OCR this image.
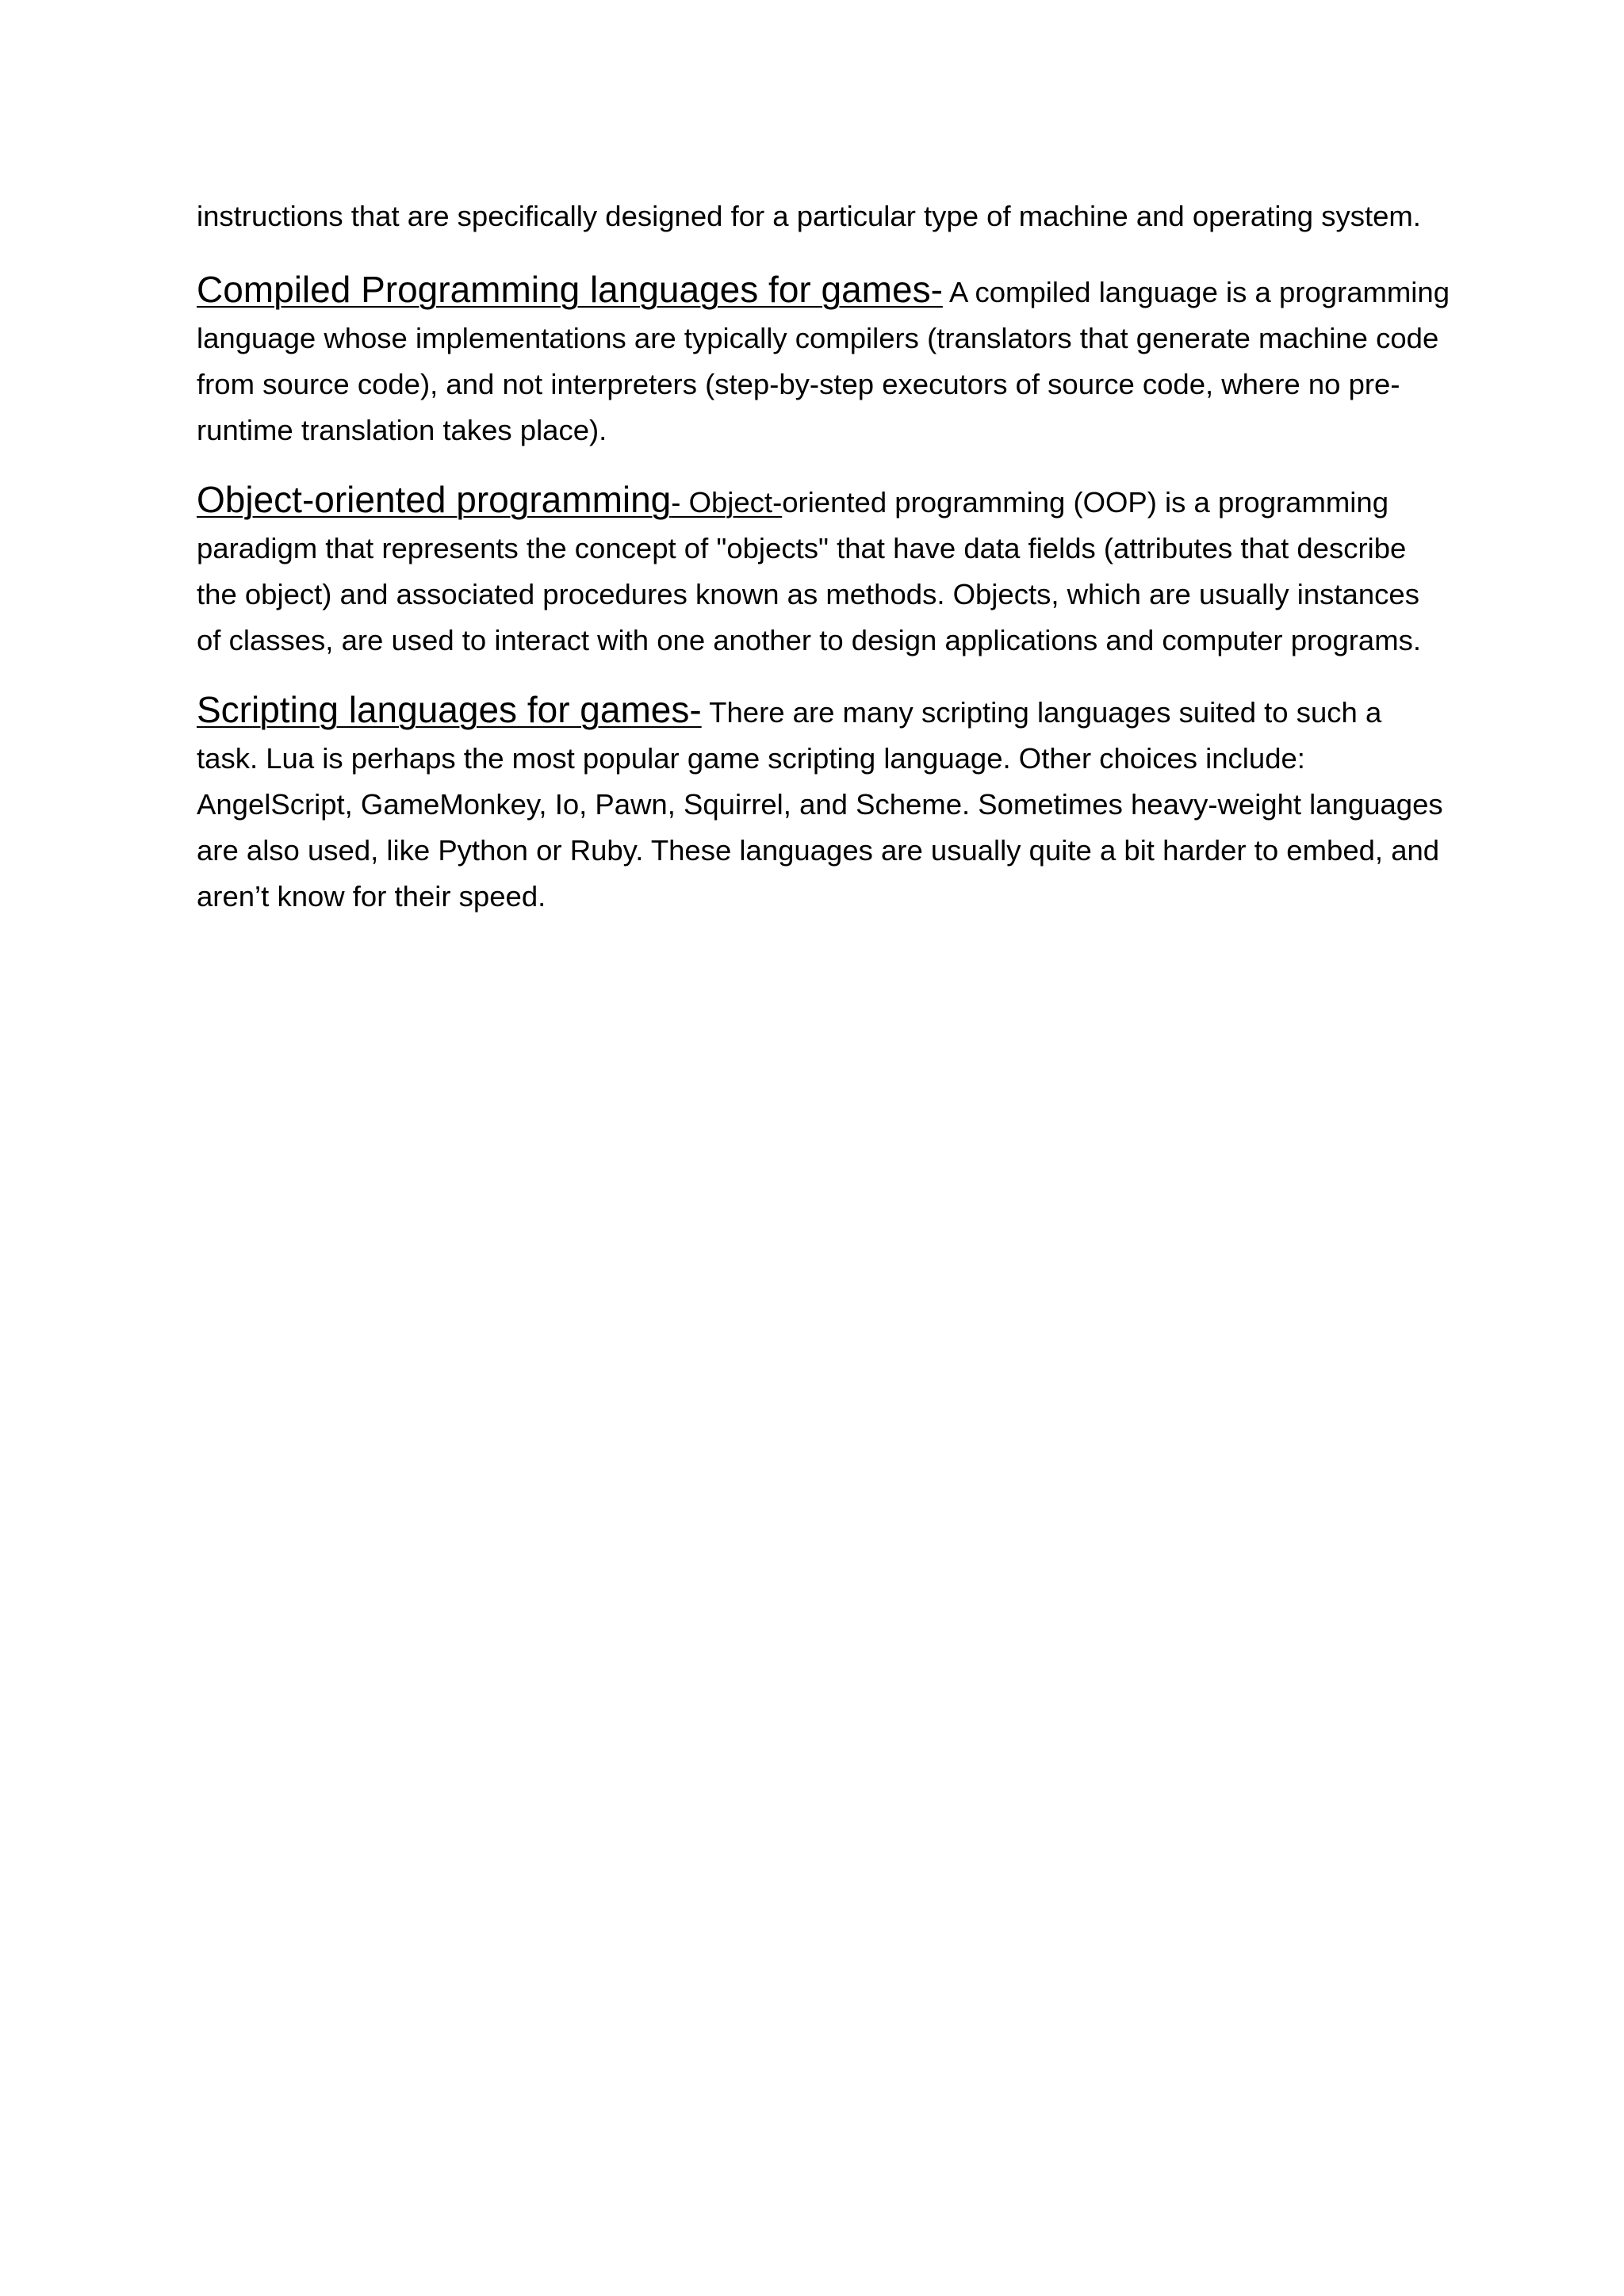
instructions that are specifically designed for a particular type of machine and operating system.

Compiled Programming languages for games- A compiled language is a programming language whose implementations are typically compilers (translators that generate machine code from source code), and not interpreters (step-by-step executors of source code, where no pre-runtime translation takes place).

Object-oriented programming- Object-oriented programming (OOP) is a programming paradigm that represents the concept of "objects" that have data fields (attributes that describe the object) and associated procedures known as methods. Objects, which are usually instances of classes, are used to interact with one another to design applications and computer programs.

Scripting languages for games- There are many scripting languages suited to such a task. Lua is perhaps the most popular game scripting language. Other choices include: AngelScript, GameMonkey, Io, Pawn, Squirrel, and Scheme. Sometimes heavy-weight languages are also used, like Python or Ruby. These languages are usually quite a bit harder to embed, and aren’t know for their speed.
